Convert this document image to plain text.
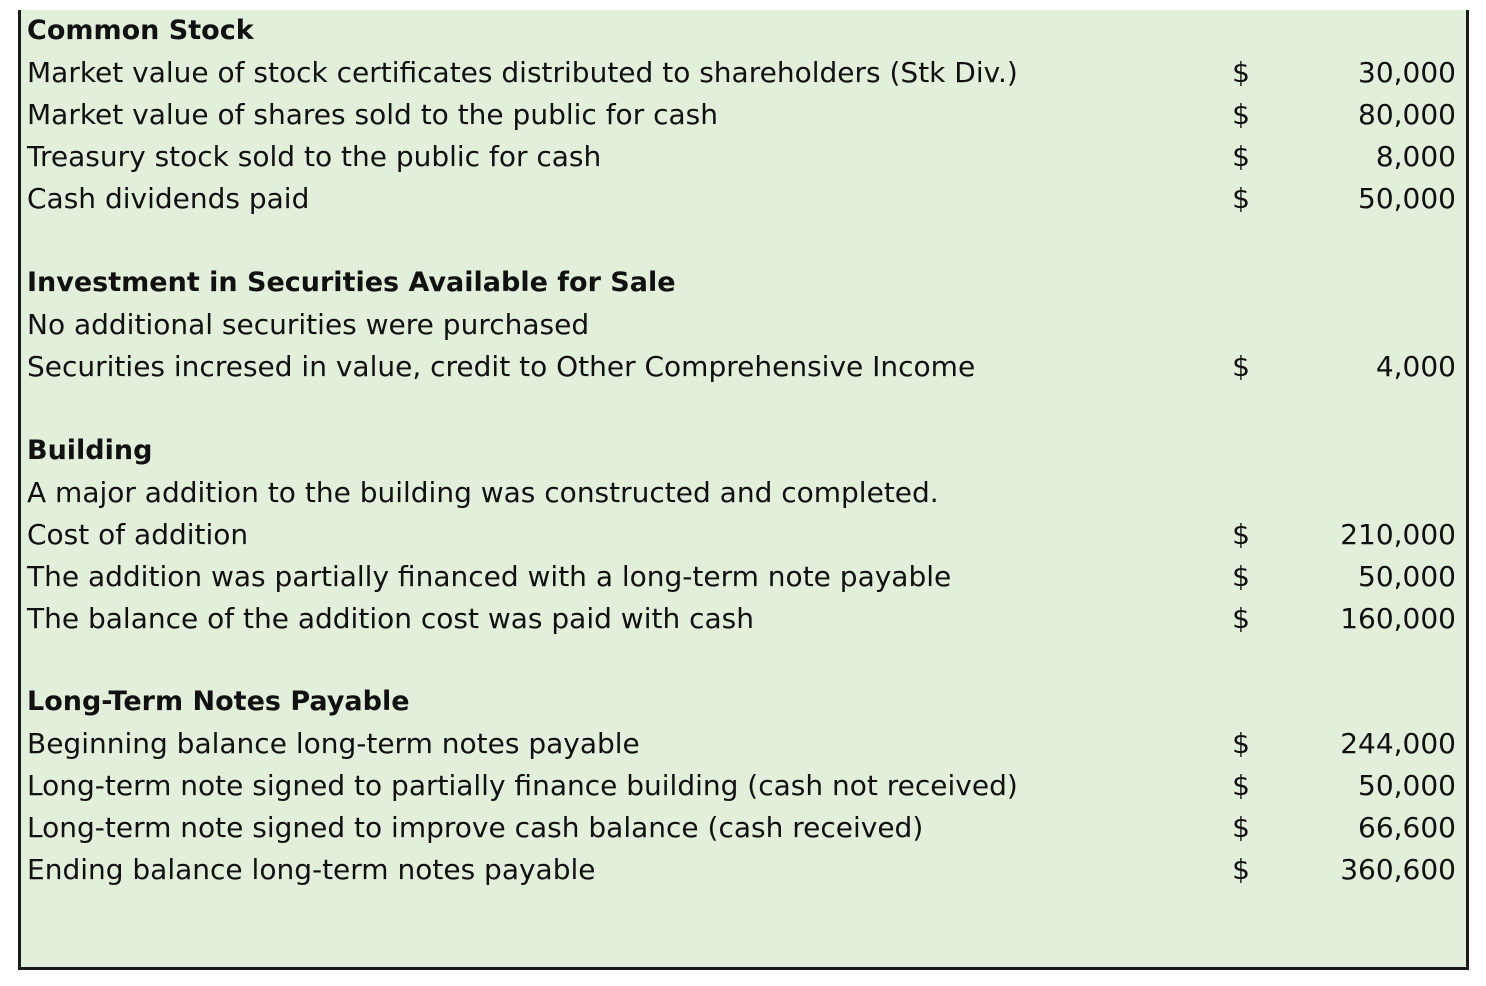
Common Stock
Market value of stock certificates distributed to shareholders (Stk Div.)	$	30,000
Market value of shares sold to the public for cash	$	80,000
Treasury stock sold to the public for cash	$	8,000
Cash dividends paid	$	50,000
Investment in Securities Available for Sale
No additional securities were purchased
Securities incresed in value, credit to Other Comprehensive Income	$	4,000
Building
A major addition to the building was constructed and completed.
Cost of addition	$	210,000
The addition was partially financed with a long-term note payable	$	50,000
The balance of the addition cost was paid with cash	$	160,000
Long-Term Notes Payable
Beginning balance long-term notes payable	$	244,000
Long-term note signed to partially finance building (cash not received)	$	50,000
Long-term note signed to improve cash balance (cash received)	$	66,600
Ending balance long-term notes payable	$	360,600
